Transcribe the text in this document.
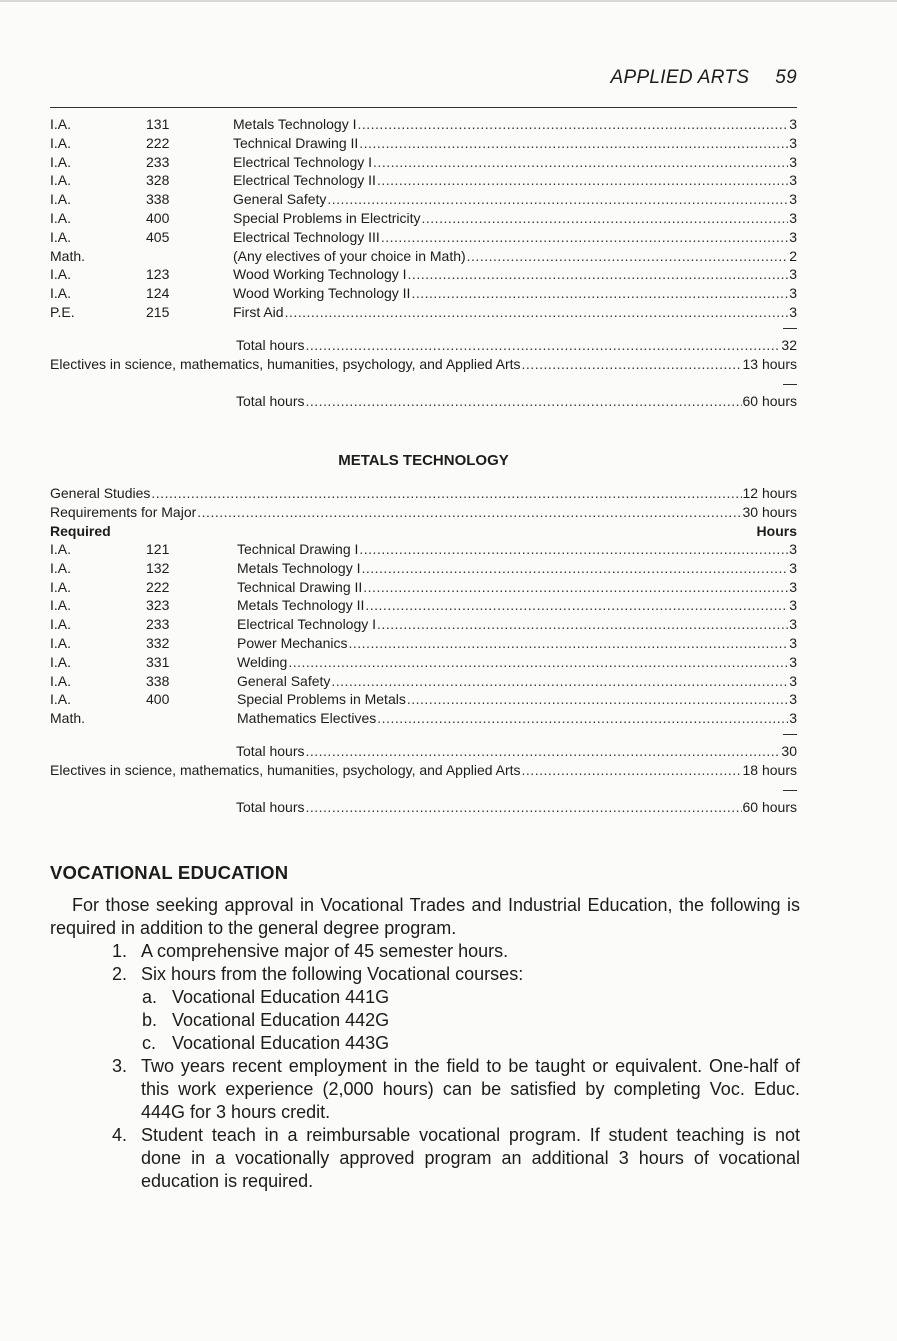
APPLIED ARTS 59
I.A.	131	Metals Technology I .....	3
I.A.	222	Technical Drawing II .....	3
I.A.	233	Electrical Technology I .....	3
I.A.	328	Electrical Technology II .....	3
I.A.	338	General Safety .....	3
I.A.	400	Special Problems in Electricity .....	3
I.A.	405	Electrical Technology III .....	3
Math.	(Any electives of your choice in Math) .....	2
I.A.	123	Wood Working Technology I .....	3
I.A.	124	Wood Working Technology II .....	3
P.E.	215	First Aid .....	3
—
Total hours .....	32
Electives in science, mathematics, humanities, psychology, and Applied Arts .....	13 hours
—
Total hours .....	60 hours
METALS TECHNOLOGY
General Studies .....	12 hours
Requirements for Major .....	30 hours
Required	Hours
I.A.	121	Technical Drawing I .....	3
I.A.	132	Metals Technology I .....	3
I.A.	222	Technical Drawing II .....	3
I.A.	323	Metals Technology II .....	3
I.A.	233	Electrical Technology I .....	3
I.A.	332	Power Mechanics .....	3
I.A.	331	Welding .....	3
I.A.	338	General Safety .....	3
I.A.	400	Special Problems in Metals .....	3
Math.	Mathematics Electives .....	3
—
Total hours .....	30
Electives in science, mathematics, humanities, psychology, and Applied Arts .....	18 hours
—
Total hours .....	60 hours
VOCATIONAL EDUCATION
For those seeking approval in Vocational Trades and Industrial Education, the following is required in addition to the general degree program.
1. A comprehensive major of 45 semester hours.
2. Six hours from the following Vocational courses:
a. Vocational Education 441G
b. Vocational Education 442G
c. Vocational Education 443G
3. Two years recent employment in the field to be taught or equivalent. One-half of this work experience (2,000 hours) can be satisfied by completing Voc. Educ. 444G for 3 hours credit.
4. Student teach in a reimbursable vocational program. If student teaching is not done in a vocationally approved program an additional 3 hours of vocational education is required.
